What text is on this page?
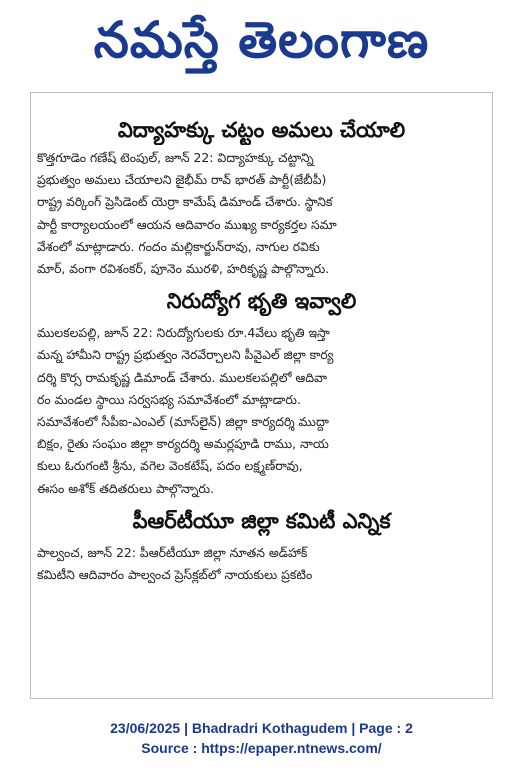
నమస్తే తెలంగాణ
విద్యాహక్కు చట్టం అమలు చేయాలి

కొత్తగూడెం గణేష్ టెంపుల్, జూన్ 22: విద్యాహక్కు చట్టాన్ని
ప్రభుత్వం అమలు చేయాలని జైభీమ్ రావ్ భారత్ పార్టీ(జేబీపీ)
రాష్ట్ర వర్కింగ్ ప్రెసిడెంట్ యెర్రా కామేష్ డిమాండ్ చేశారు. స్థానిక
పార్టీ కార్యాలయంలో ఆయన ఆదివారం ముఖ్య కార్యకర్తల సమా
వేశంలో మాట్లాడారు. గందం మల్లికార్జున్‌రావు, నాగుల రవికు
మార్, వంగా రవిశంకర్, పూనెం మురళి, హరికృష్ణ పాల్గొన్నారు.

నిరుద్యోగ భృతి ఇవ్వాలి

ములకలపల్లి, జూన్ 22: నిరుద్యోగులకు రూ.4వేలు భృతి ఇస్తా
మన్న హామీని రాష్ట్ర ప్రభుత్వం నెరవేర్చాలని పీవైఎల్ జిల్లా కార్య
దర్శి కొర్స రామకృష్ణ డిమాండ్ చేశారు. ములకలపల్లిలో ఆదివా
రం మండల స్థాయి సర్వసభ్య సమావేశంలో మాట్లాడారు.
సమావేశంలో సీపీఐ-ఎంఎల్ (మాస్‌లైన్) జిల్లా కార్యదర్శి ముద్దా
బిక్షం, రైతు సంఘం జిల్లా కార్యదర్శి అమర్లపూడి రాము, నాయ
కులు ఓరుగంటి శ్రీను, వగెల వెంకటేష్, పదం లక్ష్మణ్‌రావు,
ఈసం అశోక్ తదితరులు పాల్గొన్నారు.

పీఆర్‌టీయూ జిల్లా కమిటీ ఎన్నిక

పాల్వంచ, జూన్ 22: పీఆర్‌టీయూ జిల్లా నూతన అడ్‌హాక్
కమిటీని ఆదివారం పాల్వంచ ప్రెస్‌క్లబ్‌లో నాయకులు ప్రకటిం

23/06/2025 | Bhadradri Kothagudem | Page : 2
Source : https://epaper.ntnews.com/
